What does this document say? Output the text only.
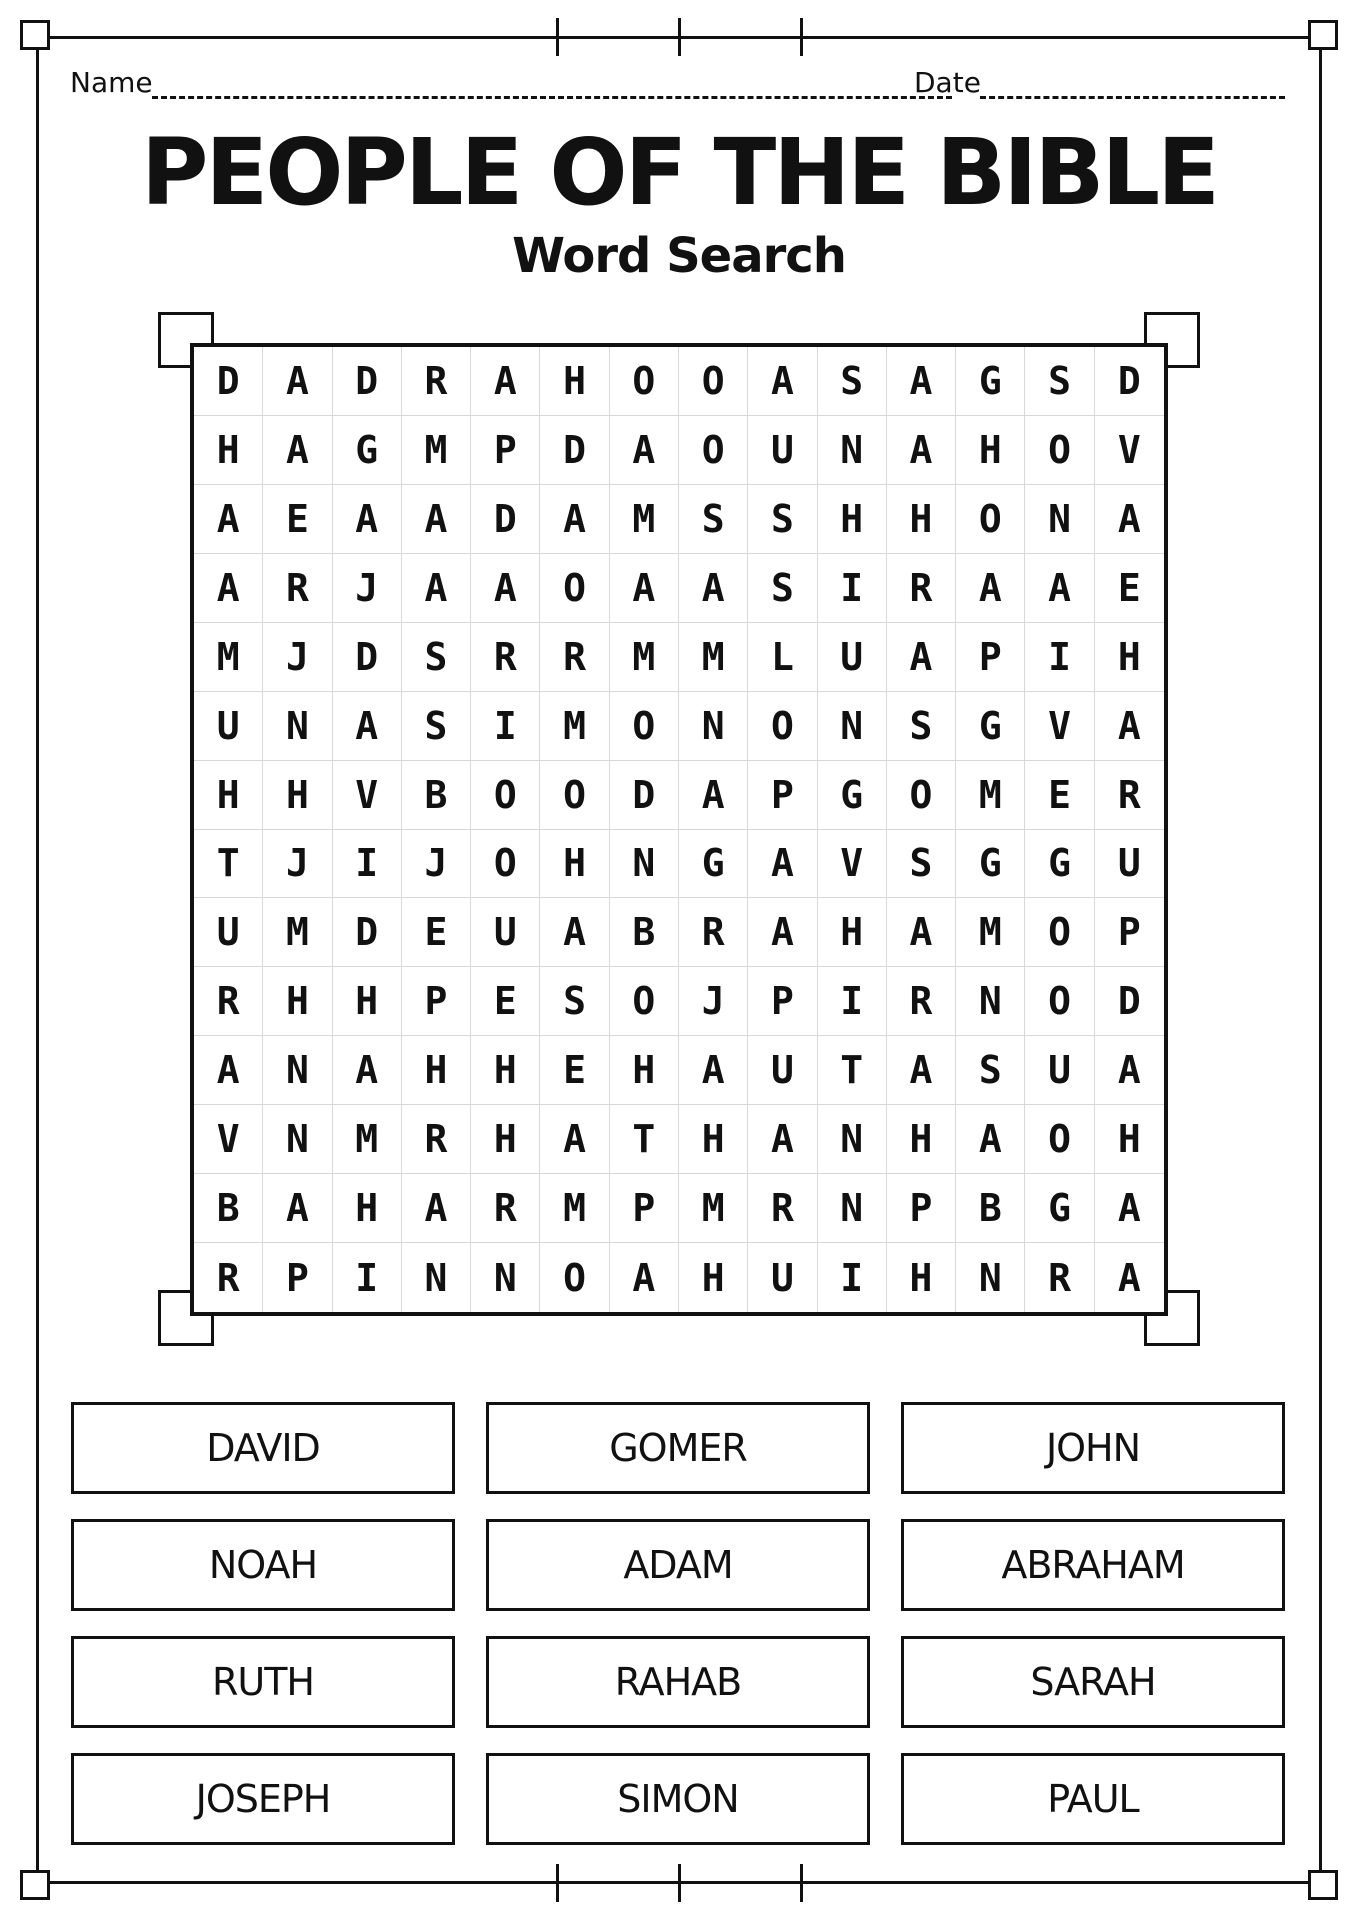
Name	Date
PEOPLE OF THE BIBLE
Word Search
D	A	D	R	A	H	O	O	A	S	A	G	S	D
H	A	G	M	P	D	A	O	U	N	A	H	O	V
A	E	A	A	D	A	M	S	S	H	H	O	N	A
A	R	J	A	A	O	A	A	S	I	R	A	A	E
M	J	D	S	R	R	M	M	L	U	A	P	I	H
U	N	A	S	I	M	O	N	O	N	S	G	V	A
H	H	V	B	O	O	D	A	P	G	O	M	E	R
T	J	I	J	O	H	N	G	A	V	S	G	G	U
U	M	D	E	U	A	B	R	A	H	A	M	O	P
R	H	H	P	E	S	O	J	P	I	R	N	O	D
A	N	A	H	H	E	H	A	U	T	A	S	U	A
V	N	M	R	H	A	T	H	A	N	H	A	O	H
B	A	H	A	R	M	P	M	R	N	P	B	G	A
R	P	I	N	N	O	A	H	U	I	H	N	R	A
DAVID	GOMER	JOHN
NOAH	ADAM	ABRAHAM
RUTH	RAHAB	SARAH
JOSEPH	SIMON	PAUL
